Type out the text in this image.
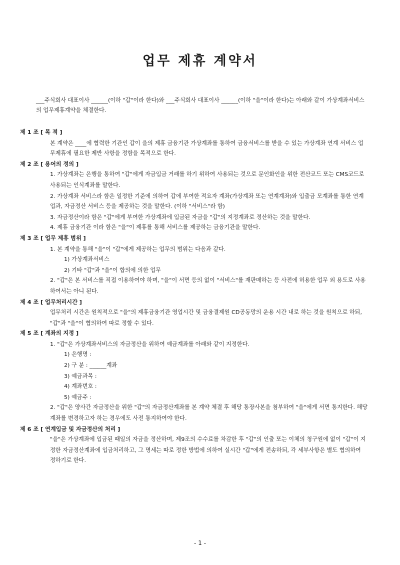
업무 제휴 계약서
___주식회사 대표이사 ______(이하 "갑"이라 한다)와 ___주식회사 대표이사 ______(이하 "을"이라 한다)는 아래와 같이 가상계좌서비스의 업무제휴계약을 체결한다.

제 1 조 [ 목 적 ]

본 계약은 ____에 협력한 기관인 갑이 을의 제휴 금융기관 가상계좌를 통하여 금융서비스를 받을 수 있는 가상계좌 연계 서비스 업무제휴에 필요한 제반 사항을 정함을 목적으로 한다.

제 2 조 [ 용어의 정의 ]

1. 가상계좌는 은행을 통하여 "갑"에게 자금입금 거래를 하기 위하여 사용되는 것으로 문인화인을 위한 전산코드 또는 CMS코드로 사용되는 인식계좌를 말한다.

2. 가상계좌 서비스라 함은 일정한 기준에 의하여 갑에 부여한 적요자 계좌(가상계좌 또는 연계계좌)와 입출금 모계좌를 통한 연계업과, 자금정산 서비스 등을 제공하는 것을 말한다. (이하 "서비스"라 함)

3. 자금정산이라 함은 "갑"에게 부여한 가상계좌에 입금된 자금을 "갑"의 지정계좌로 정산하는 것을 말한다.

4. 제휴 금융기관 이라 함은 "을"이 제휴를 통해 서비스를 제공하는 금융기관을 말한다.

제 3 조 [ 업무 제휴 범위 ]

1. 본 계약을 통해 "을"이 "갑"에게 제공하는 업무의 범위는 다음과 같다.

1) 가상계좌서비스

2) 기타 "갑"과 "을"이 합의에 의한 업무

2. "갑"은 본 서비스를 직접 이용하여야 하며, "을"이 서면 등의 없이 "서비스"를 재판매하는 등 사전에 허용한 업무 외 용도로 사용하여서는 아니 된다.

제 4 조 [ 업무처리시간 ]

업무처리 시간은 원칙적으로 "을"의 제휴금융기관 영업시간 및 금융결제원 CD공동망의 운용 시간 내로 하는 것을 원칙으로 하되, "갑"과 "을"이 협의하여 따로 정할 수 있다.

제 5 조 [ 계좌의 지정 ]

1. "갑"은 가상계좌서비스의 자금정산을 위하여 예금계좌를 아래와 같이 지정한다.

1) 은행명 :

2) 구 분 : ______계좌

3) 예금과목 :

4) 계좌번호 :

5) 예금주 :

2. "갑"은 양사간 자금정산을 위한 "갑"의 자금정산계좌를 본 계약 체결 후 해당 통장사본을 첨부하여 "을"에게 서면 통지한다. 해당 계좌를 변경하고자 하는 경우에도 사전 통지하여야 한다.

제 6 조 [ 연계입금 및 자금정산의 처리 ]

"을"은 가상계좌에 입금된 때일의 자금을 정산하며, 제9조의 수수료를 차감한 후 "갑"의 인출 또는 이체의 청구원에 없이 "갑"이 지정한 자금정산계좌에 입금처리하고, 그 명세는 따로 정한 방법에 의하여 실시간 "갑"에게 전송하되, 각 세부사항은 별도 협의하여 정하기로 한다.

- 1 -
